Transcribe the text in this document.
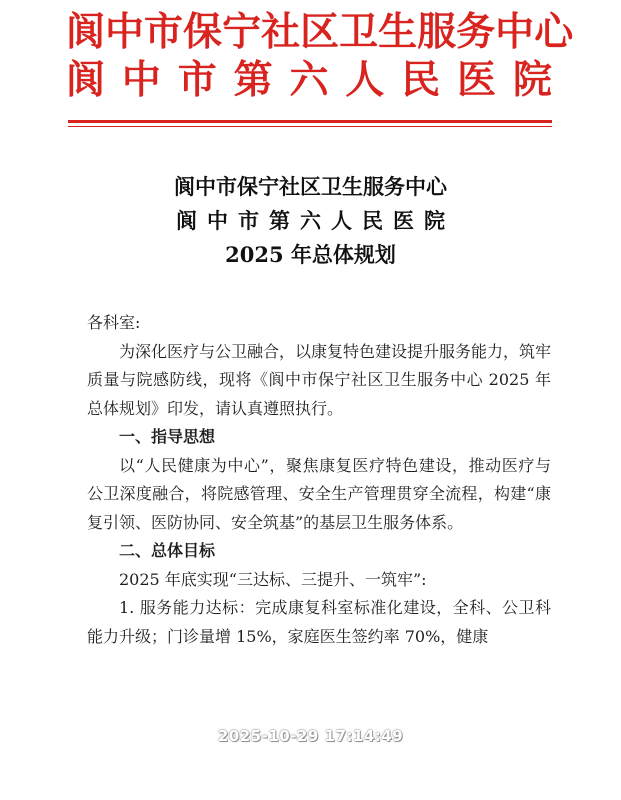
阆 中 市 保 宁 社 区 卫 生 服 务 中 心
阆 中 市 第 六 人 民 医 院
阆中市保宁社区卫生服务中心
阆中市第六人民医院
2025 年总体规划

各科室:

为深化医疗与公卫融合，以康复特色建设提升服务能力，筑牢质量与院感防线，现将《阆中市保宁社区卫生服务中心 2025 年总体规划》印发，请认真遵照执行。

一、指导思想

以“人民健康为中心”，聚焦康复医疗特色建设，推动医疗与公卫深度融合，将院感管理、安全生产管理贯穿全流程，构建“康复引领、医防协同、安全筑基”的基层卫生服务体系。

二、总体目标

2025 年底实现“三达标、三提升、一筑牢”:

1. 服务能力达标：完成康复科室标准化建设，全科、公卫科能力升级；门诊量增 15%，家庭医生签约率 70%，健康

2025-10-29 17:14:49
